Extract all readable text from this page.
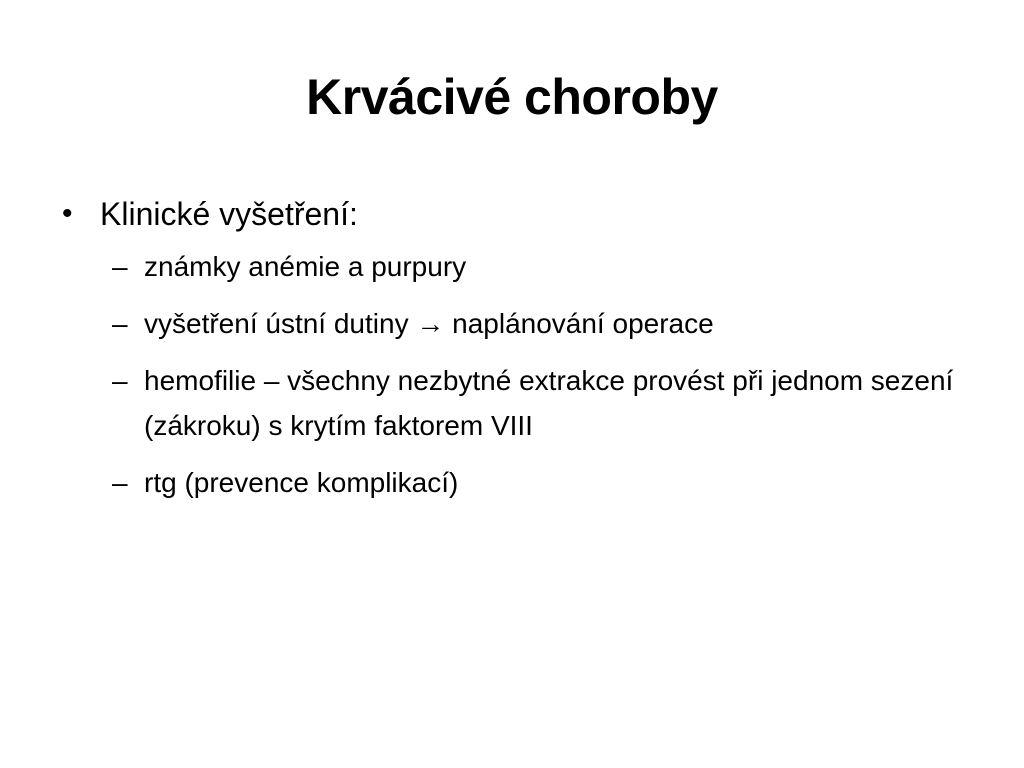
Krvácivé choroby
• Klinické vyšetření:
– známky anémie a purpury
– vyšetření ústní dutiny → naplánování operace
– hemofilie – všechny nezbytné extrakce provést při jednom sezení (zákroku) s krytím faktorem VIII
– rtg (prevence komplikací)
